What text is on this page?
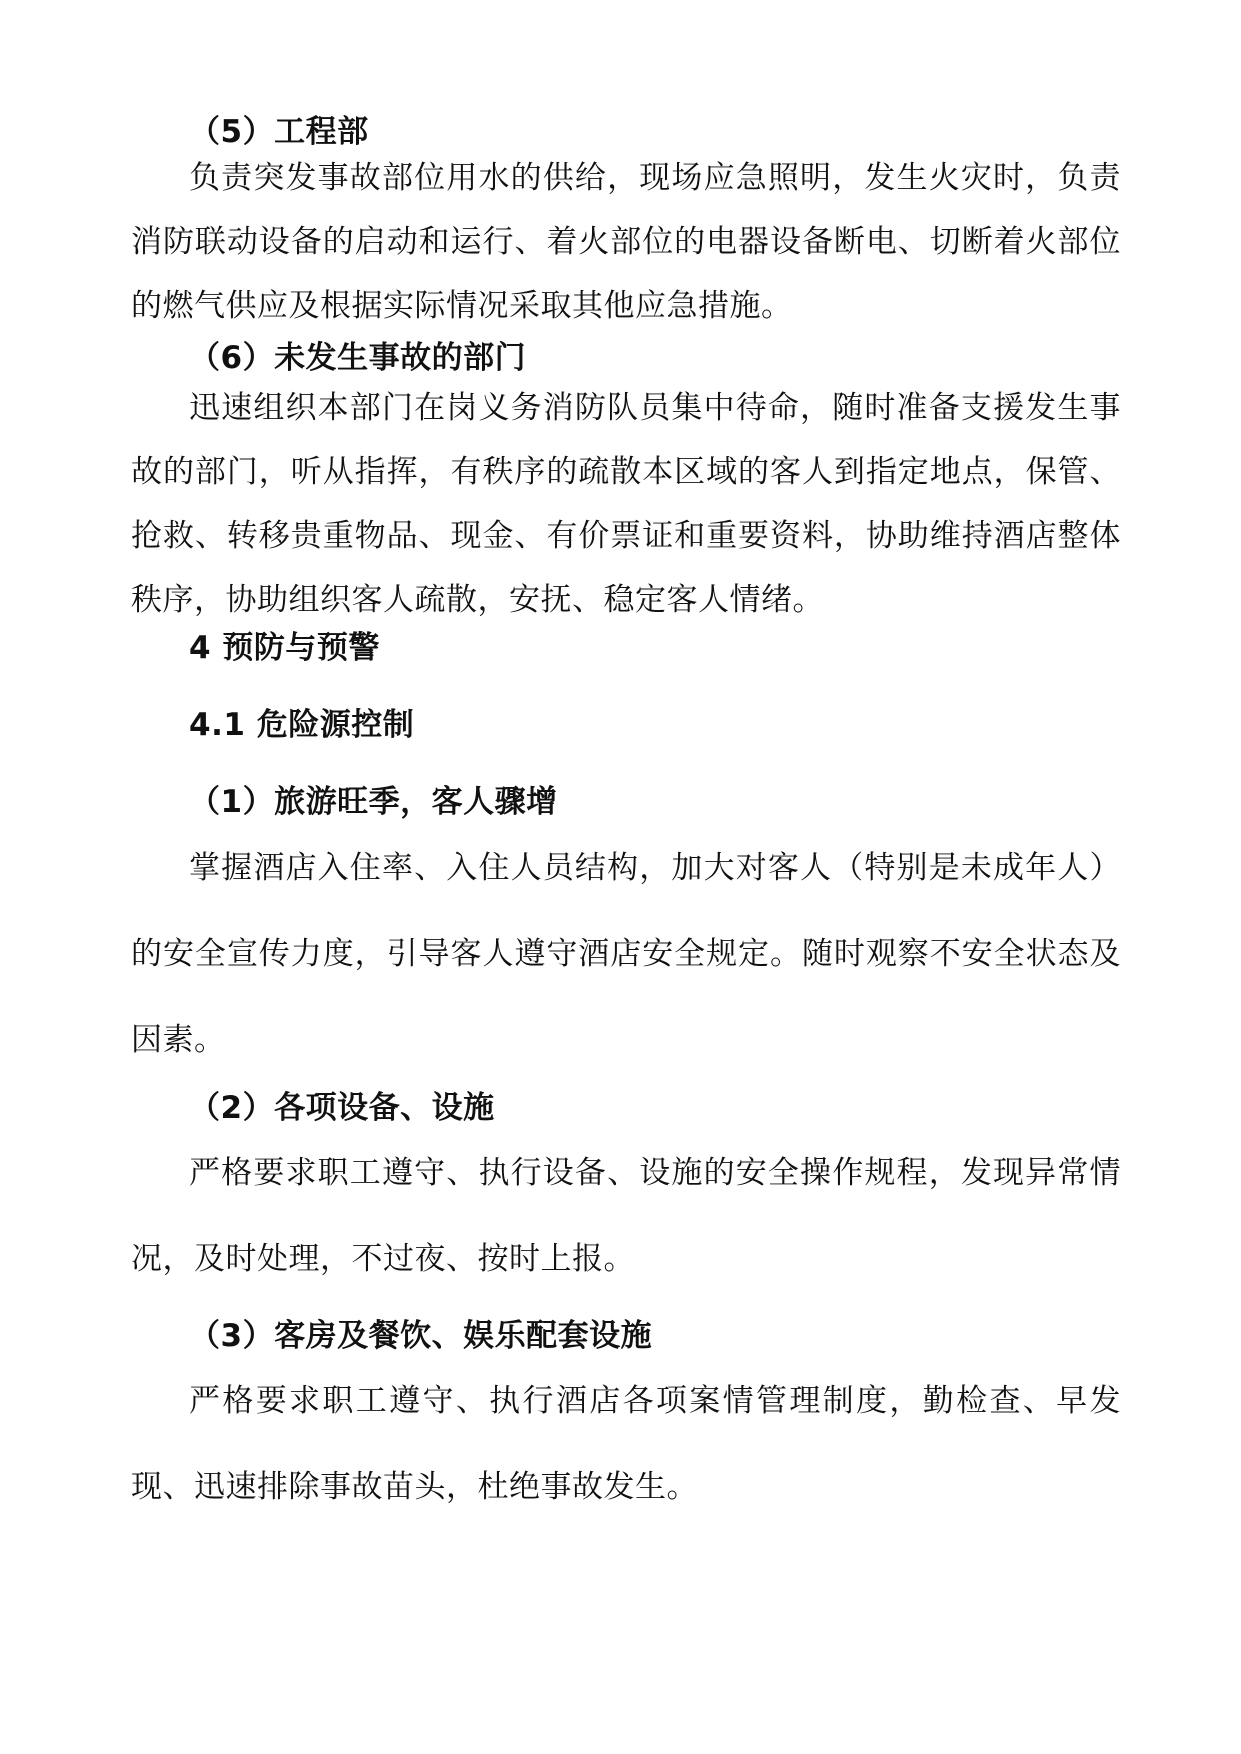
（5）工程部

负责突发事故部位用水的供给，现场应急照明，发生火灾时，负责消防联动设备的启动和运行、着火部位的电器设备断电、切断着火部位的燃气供应及根据实际情况采取其他应急措施。

（6）未发生事故的部门

迅速组织本部门在岗义务消防队员集中待命，随时准备支援发生事故的部门，听从指挥，有秩序的疏散本区域的客人到指定地点，保管、抢救、转移贵重物品、现金、有价票证和重要资料，协助维持酒店整体秩序，协助组织客人疏散，安抚、稳定客人情绪。

4 预防与预警
4.1 危险源控制
（1）旅游旺季，客人骤增

掌握酒店入住率、入住人员结构，加大对客人（特别是未成年人）的安全宣传力度，引导客人遵守酒店安全规定。随时观察不安全状态及因素。

（2）各项设备、设施

严格要求职工遵守、执行设备、设施的安全操作规程，发现异常情况，及时处理，不过夜、按时上报。

（3）客房及餐饮、娱乐配套设施

严格要求职工遵守、执行酒店各项案情管理制度，勤检查、早发现、迅速排除事故苗头，杜绝事故发生。
